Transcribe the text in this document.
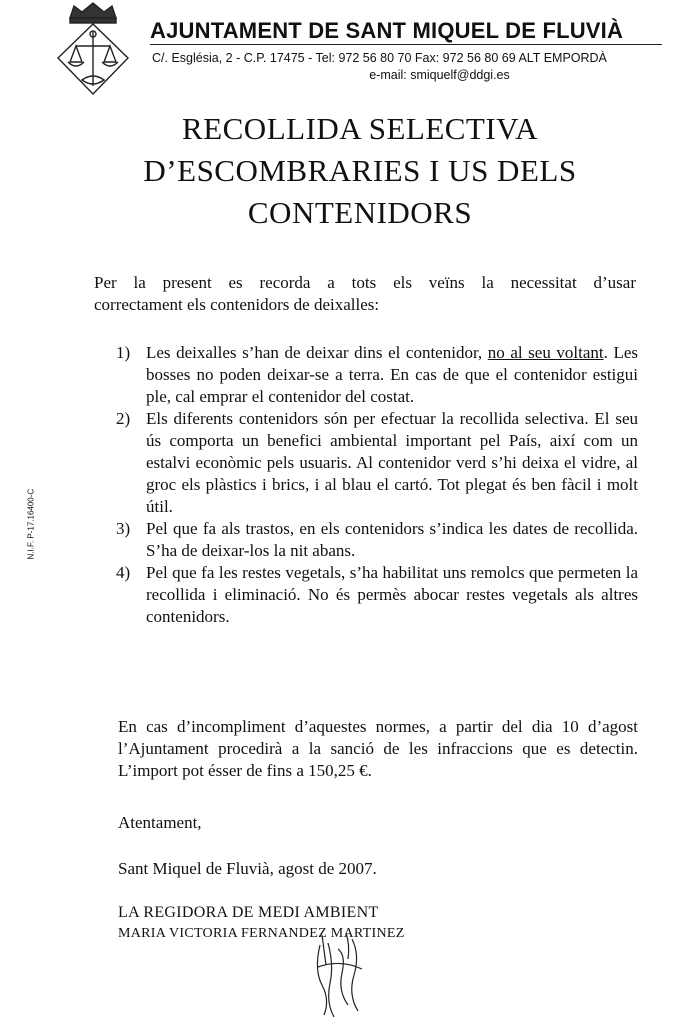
AJUNTAMENT DE SANT MIQUEL DE FLUVIÀ
C/. Església, 2 - C.P. 17475 - Tel: 972 56 80 70 Fax: 972 56 80 69 ALT EMPORDÀ
e-mail: smiquelf@ddgi.es
N.I.F. P-17.16400-C
RECOLLIDA SELECTIVA
D’ESCOMBRARIES I US DELS
CONTENIDORS
Per la present es recorda a tots els veïns la necessitat d’usar
correctament els contenidors de deixalles:
1) Les deixalles s’han de deixar dins el contenidor, no al seu voltant. Les bosses no poden deixar-se a terra. En cas de que el contenidor estigui ple, cal emprar el contenidor del costat.
2) Els diferents contenidors són per efectuar la recollida selectiva. El seu ús comporta un benefici ambiental important pel País, així com un estalvi econòmic pels usuaris. Al contenidor verd s’hi deixa el vidre, al groc els plàstics i brics, i al blau el cartó. Tot plegat és ben fàcil i molt útil.
3) Pel que fa als trastos, en els contenidors s’indica les dates de recollida. S’ha de deixar-los la nit abans.
4) Pel que fa les restes vegetals, s’ha habilitat uns remolcs que permeten la recollida i eliminació. No és permès abocar restes vegetals als altres contenidors.
En cas d’incompliment d’aquestes normes, a partir del dia 10 d’agost l’Ajuntament procedirà a la sanció de les infraccions que es detectin. L’import pot ésser de fins a 150,25 €.
Atentament,
Sant Miquel de Fluvià, agost de 2007.
LA REGIDORA DE MEDI AMBIENT
MARIA VICTORIA FERNANDEZ MARTINEZ
